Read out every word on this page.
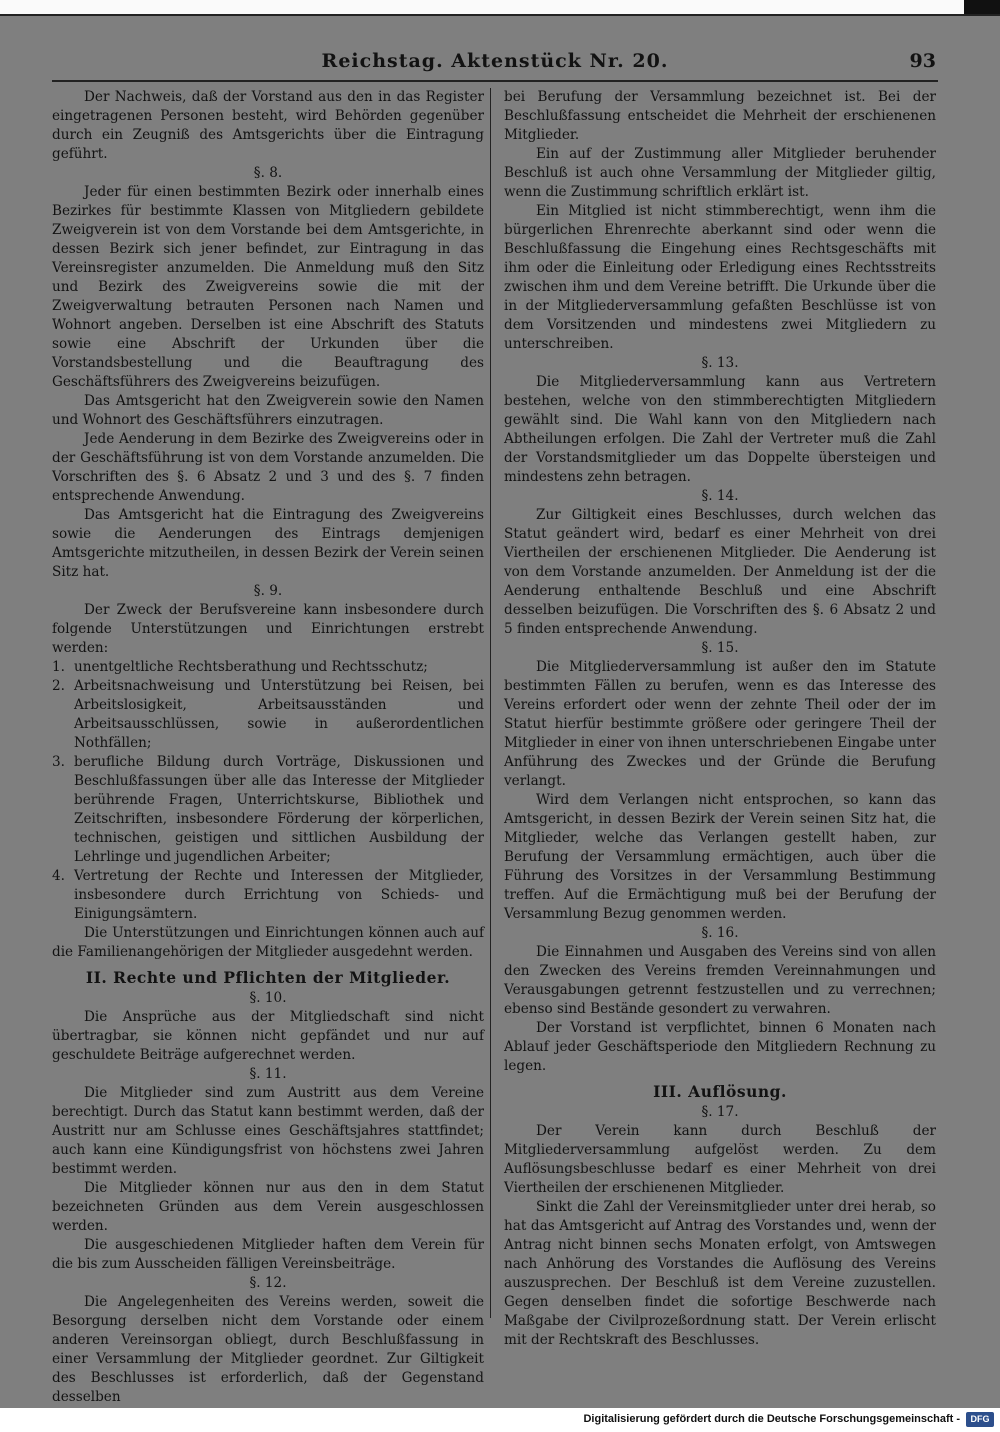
Reichstag. Aktenstück Nr. 20.	93

Der Nachweis, daß der Vorstand aus den in das Register eingetragenen Personen besteht, wird Behörden gegenüber durch ein Zeugniß des Amtsgerichts über die Eintragung geführt.

§. 8.

Jeder für einen bestimmten Bezirk oder innerhalb eines Bezirkes für bestimmte Klassen von Mitgliedern gebildete Zweigverein ist von dem Vorstande bei dem Amtsgerichte, in dessen Bezirk sich jener befindet, zur Eintragung in das Vereinsregister anzumelden. Die Anmeldung muß den Sitz und Bezirk des Zweigvereins sowie die mit der Zweigverwaltung betrauten Personen nach Namen und Wohnort angeben. Derselben ist eine Abschrift des Statuts sowie eine Abschrift der Urkunden über die Vorstandsbestellung und die Beauftragung des Geschäftsführers des Zweigvereins beizufügen.

Das Amtsgericht hat den Zweigverein sowie den Namen und Wohnort des Geschäftsführers einzutragen.

Jede Aenderung in dem Bezirke des Zweigvereins oder in der Geschäftsführung ist von dem Vorstande anzumelden. Die Vorschriften des §. 6 Absatz 2 und 3 und des §. 7 finden entsprechende Anwendung.

Das Amtsgericht hat die Eintragung des Zweigvereins sowie die Aenderungen des Eintrags demjenigen Amtsgerichte mitzutheilen, in dessen Bezirk der Verein seinen Sitz hat.

§. 9.

Der Zweck der Berufsvereine kann insbesondere durch folgende Unterstützungen und Einrichtungen erstrebt werden:

1. unentgeltliche Rechtsberathung und Rechtsschutz;
2. Arbeitsnachweisung und Unterstützung bei Reisen, bei Arbeitslosigkeit, Arbeitsausständen und Arbeitsausschlüssen, sowie in außerordentlichen Nothfällen;
3. berufliche Bildung durch Vorträge, Diskussionen und Beschlußfassungen über alle das Interesse der Mitglieder berührende Fragen, Unterrichtskurse, Bibliothek und Zeitschriften, insbesondere Förderung der körperlichen, technischen, geistigen und sittlichen Ausbildung der Lehrlinge und jugendlichen Arbeiter;
4. Vertretung der Rechte und Interessen der Mitglieder, insbesondere durch Errichtung von Schieds- und Einigungsämtern.

Die Unterstützungen und Einrichtungen können auch auf die Familienangehörigen der Mitglieder ausgedehnt werden.

II. Rechte und Pflichten der Mitglieder.
§. 10.

Die Ansprüche aus der Mitgliedschaft sind nicht übertragbar, sie können nicht gepfändet und nur auf geschuldete Beiträge aufgerechnet werden.

§. 11.

Die Mitglieder sind zum Austritt aus dem Vereine berechtigt. Durch das Statut kann bestimmt werden, daß der Austritt nur am Schlusse eines Geschäftsjahres stattfindet; auch kann eine Kündigungsfrist von höchstens zwei Jahren bestimmt werden.

Die Mitglieder können nur aus den in dem Statut bezeichneten Gründen aus dem Verein ausgeschlossen werden.

Die ausgeschiedenen Mitglieder haften dem Verein für die bis zum Ausscheiden fälligen Vereinsbeiträge.

§. 12.

Die Angelegenheiten des Vereins werden, soweit die Besorgung derselben nicht dem Vorstande oder einem anderen Vereinsorgan obliegt, durch Beschlußfassung in einer Versammlung der Mitglieder geordnet. Zur Giltigkeit des Beschlusses ist erforderlich, daß der Gegenstand desselben

bei Berufung der Versammlung bezeichnet ist. Bei der Beschlußfassung entscheidet die Mehrheit der erschienenen Mitglieder.

Ein auf der Zustimmung aller Mitglieder beruhender Beschluß ist auch ohne Versammlung der Mitglieder giltig, wenn die Zustimmung schriftlich erklärt ist.

Ein Mitglied ist nicht stimmberechtigt, wenn ihm die bürgerlichen Ehrenrechte aberkannt sind oder wenn die Beschlußfassung die Eingehung eines Rechtsgeschäfts mit ihm oder die Einleitung oder Erledigung eines Rechtsstreits zwischen ihm und dem Vereine betrifft. Die Urkunde über die in der Mitgliederversammlung gefaßten Beschlüsse ist von dem Vorsitzenden und mindestens zwei Mitgliedern zu unterschreiben.

§. 13.

Die Mitgliederversammlung kann aus Vertretern bestehen, welche von den stimmberechtigten Mitgliedern gewählt sind. Die Wahl kann von den Mitgliedern nach Abtheilungen erfolgen. Die Zahl der Vertreter muß die Zahl der Vorstandsmitglieder um das Doppelte übersteigen und mindestens zehn betragen.

§. 14.

Zur Giltigkeit eines Beschlusses, durch welchen das Statut geändert wird, bedarf es einer Mehrheit von drei Viertheilen der erschienenen Mitglieder. Die Aenderung ist von dem Vorstande anzumelden. Der Anmeldung ist der die Aenderung enthaltende Beschluß und eine Abschrift desselben beizufügen. Die Vorschriften des §. 6 Absatz 2 und 5 finden entsprechende Anwendung.

§. 15.

Die Mitgliederversammlung ist außer den im Statute bestimmten Fällen zu berufen, wenn es das Interesse des Vereins erfordert oder wenn der zehnte Theil oder der im Statut hierfür bestimmte größere oder geringere Theil der Mitglieder in einer von ihnen unterschriebenen Eingabe unter Anführung des Zweckes und der Gründe die Berufung verlangt.

Wird dem Verlangen nicht entsprochen, so kann das Amtsgericht, in dessen Bezirk der Verein seinen Sitz hat, die Mitglieder, welche das Verlangen gestellt haben, zur Berufung der Versammlung ermächtigen, auch über die Führung des Vorsitzes in der Versammlung Bestimmung treffen. Auf die Ermächtigung muß bei der Berufung der Versammlung Bezug genommen werden.

§. 16.

Die Einnahmen und Ausgaben des Vereins sind von allen den Zwecken des Vereins fremden Vereinnahmungen und Verausgabungen getrennt festzustellen und zu verrechnen; ebenso sind Bestände gesondert zu verwahren.

Der Vorstand ist verpflichtet, binnen 6 Monaten nach Ablauf jeder Geschäftsperiode den Mitgliedern Rechnung zu legen.

III. Auflösung.
§. 17.

Der Verein kann durch Beschluß der Mitgliederversammlung aufgelöst werden. Zu dem Auflösungsbeschlusse bedarf es einer Mehrheit von drei Viertheilen der erschienenen Mitglieder.

Sinkt die Zahl der Vereinsmitglieder unter drei herab, so hat das Amtsgericht auf Antrag des Vorstandes und, wenn der Antrag nicht binnen sechs Monaten erfolgt, von Amtswegen nach Anhörung des Vorstandes die Auflösung des Vereins auszusprechen. Der Beschluß ist dem Vereine zuzustellen. Gegen denselben findet die sofortige Beschwerde nach Maßgabe der Civilprozeßordnung statt. Der Verein erlischt mit der Rechtskraft des Beschlusses.

Digitalisierung gefördert durch die Deutsche Forschungsgemeinschaft -	DFG
